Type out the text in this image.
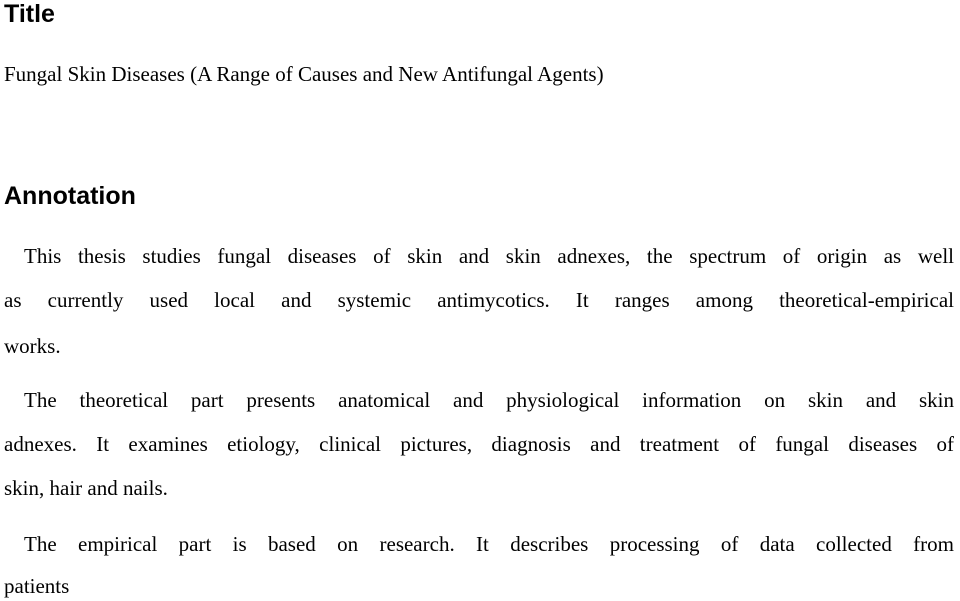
Title
Fungal Skin Diseases (A Range of Causes and New Antifungal Agents)
Annotation
This thesis studies fungal diseases of skin and skin adnexes, the spectrum of origin as well
as currently used local and systemic antimycotics. It ranges among theoretical-empirical
works.
The theoretical part presents anatomical and physiological information on skin and skin
adnexes. It examines etiology, clinical pictures, diagnosis and treatment of fungal diseases of
skin, hair and nails.
The empirical part is based on research. It describes processing of data collected from
patients
